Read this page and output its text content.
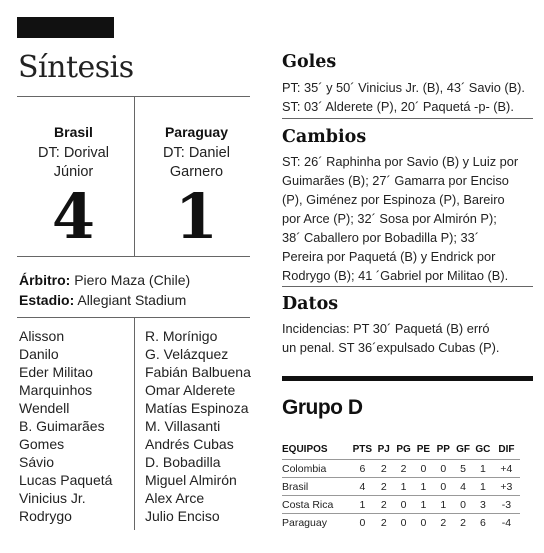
Síntesis
Brasil
DT: Dorival
Júnior
4
Paraguay
DT: Daniel
Garnero
1
Árbitro: Piero Maza (Chile)
Estadio: Allegiant Stadium
Alisson
Danilo
Eder Militao
Marquinhos
Wendell
B. Guimarães
Gomes
Sávio
Lucas Paquetá
Vinicius Jr.
Rodrygo
R. Morínigo
G. Velázquez
Fabián Balbuena
Omar Alderete
Matías Espinoza
M. Villasanti
Andrés Cubas
D. Bobadilla
Miguel Almirón
Alex Arce
Julio Enciso
Goles
PT: 35´ y 50´ Vinicius Jr. (B), 43´ Savio (B).
ST: 03´ Alderete (P), 20´ Paquetá -p- (B).
Cambios
ST: 26´ Raphinha por Savio (B) y Luiz por
Guimarães (B); 27´ Gamarra por Enciso
(P), Giménez por Espinoza (P), Bareiro
por Arce (P); 32´ Sosa por Almirón P);
38´ Caballero por Bobadilla P); 33´
Pereira por Paquetá (B) y Endrick por
Rodrygo (B); 41 ´Gabriel por Militao (B).
Datos
Incidencias: PT 30´ Paquetá (B) erró
un penal. ST 36´expulsado Cubas (P).
Grupo D
EQUIPOS	PTS	PJ	PG	PE	PP	GF	GC	DIF
Colombia	6	2	2	0	0	5	1	+4
Brasil	4	2	1	1	0	4	1	+3
Costa Rica	1	2	0	1	1	0	3	-3
Paraguay	0	2	0	0	2	2	6	-4
